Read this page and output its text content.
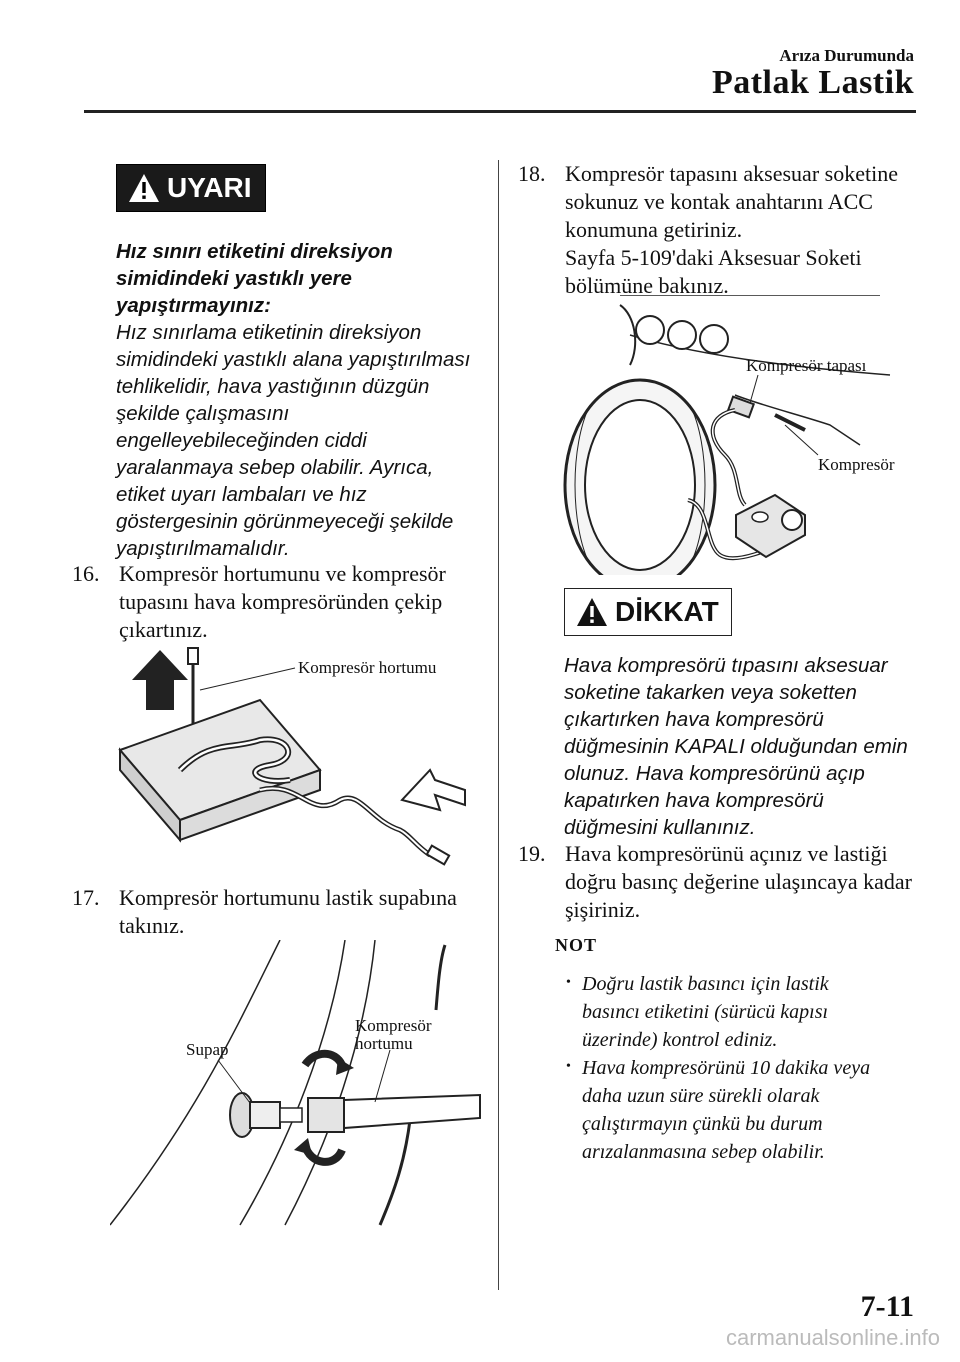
Arıza Durumunda
Patlak Lastik
UYARI
Hız sınırı etiketini direksiyon
simidindeki yastıklı yere
yapıştırmayınız:
Hız sınırlama etiketinin direksiyon
simidindeki yastıklı alana yapıştırılması
tehlikelidir, hava yastığının düzgün
şekilde çalışmasını
engelleyebileceğinden ciddi
yaralanmaya sebep olabilir. Ayrıca,
etiket uyarı lambaları ve hız
göstergesinin görünmeyeceği şekilde
yapıştırılmamalıdır.
16. Kompresör hortumunu ve kompresör
tupasını hava kompresöründen çekip
çıkartınız.
Kompresör hortumu
17. Kompresör hortumunu lastik supabına
takınız.
Supap
Kompresör
hortumu
18. Kompresör tapasını aksesuar soketine
sokunuz ve kontak anahtarını ACC
konumuna getiriniz.
Sayfa 5-109'daki Aksesuar Soketi
bölümüne bakınız.
Kompresör tapası
Kompresör
DİKKAT
Hava kompresörü tıpasını aksesuar
soketine takarken veya soketten
çıkartırken hava kompresörü
düğmesinin KAPALI olduğundan emin
olunuz. Hava kompresörünü açıp
kapatırken hava kompresörü
düğmesini kullanınız.
19. Hava kompresörünü açınız ve lastiği
doğru basınç değerine ulaşıncaya kadar
şişiriniz.
NOT
• Doğru lastik basıncı için lastik
basıncı etiketini (sürücü kapısı
üzerinde) kontrol ediniz.
• Hava kompresörünü 10 dakika veya
daha uzun süre sürekli olarak
çalıştırmayın çünkü bu durum
arızalanmasına sebep olabilir.
7-11
carmanualsonline.info
